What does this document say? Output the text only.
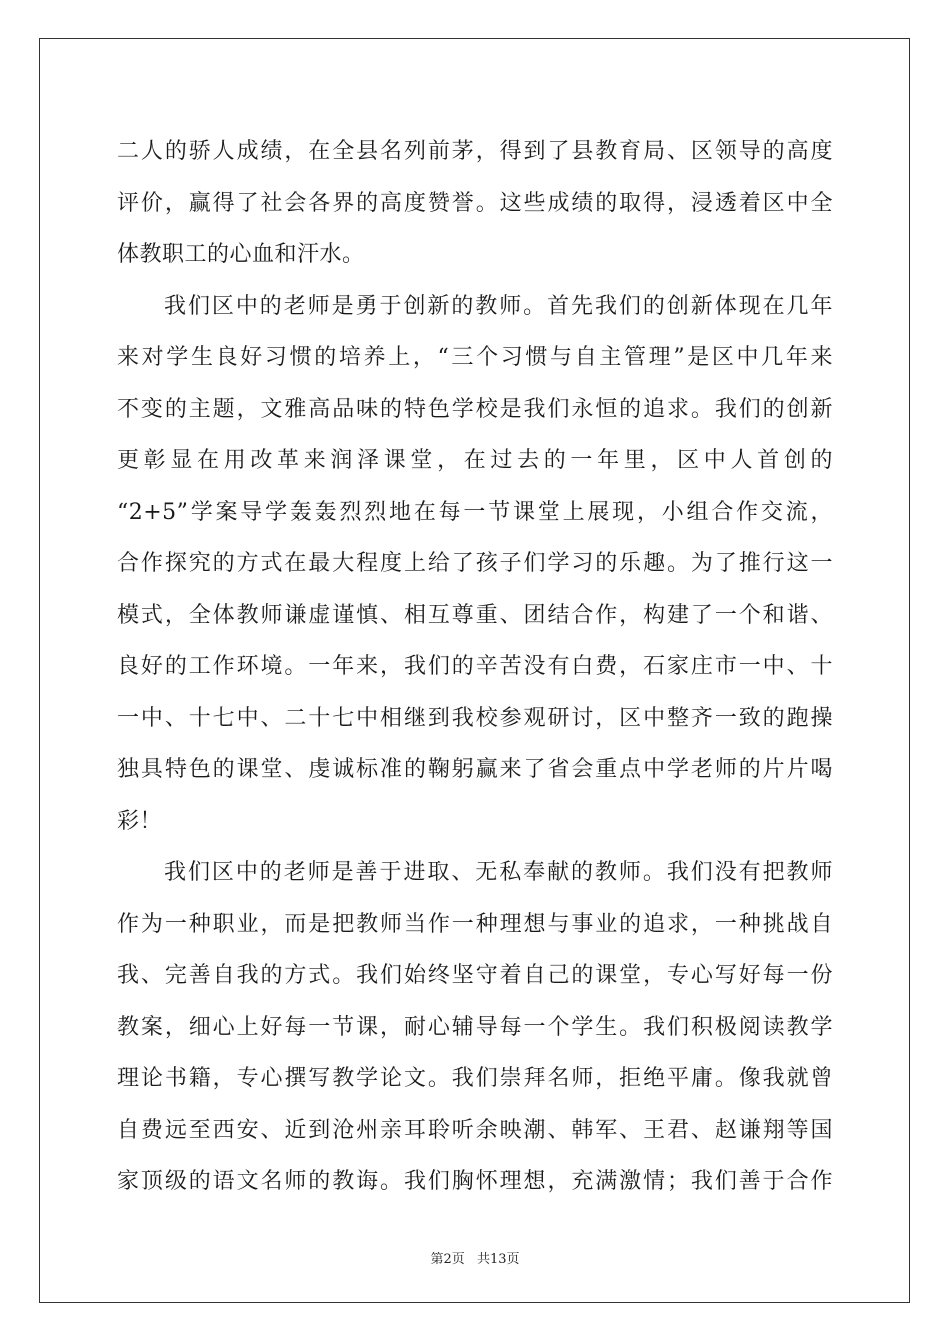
二人的骄人成绩，在全县名列前茅，得到了县教育局、区领导的高度
评价，赢得了社会各界的高度赞誉。这些成绩的取得，浸透着区中全
体教职工的心血和汗水。
我们区中的老师是勇于创新的教师。首先我们的创新体现在几年
来对学生良好习惯的培养上，“三个习惯与自主管理”是区中几年来
不变的主题，文雅高品味的特色学校是我们永恒的追求。我们的创新
更彰显在用改革来润泽课堂，在过去的一年里，区中人首创的
“2+5”学案导学轰轰烈烈地在每一节课堂上展现，小组合作交流，
合作探究的方式在最大程度上给了孩子们学习的乐趣。为了推行这一
模式，全体教师谦虚谨慎、相互尊重、团结合作，构建了一个和谐、
良好的工作环境。一年来，我们的辛苦没有白费，石家庄市一中、十
一中、十七中、二十七中相继到我校参观研讨，区中整齐一致的跑操
独具特色的课堂、虔诚标准的鞠躬赢来了省会重点中学老师的片片喝
彩！
我们区中的老师是善于进取、无私奉献的教师。我们没有把教师
作为一种职业，而是把教师当作一种理想与事业的追求，一种挑战自
我、完善自我的方式。我们始终坚守着自己的课堂，专心写好每一份
教案，细心上好每一节课，耐心辅导每一个学生。我们积极阅读教学
理论书籍，专心撰写教学论文。我们崇拜名师，拒绝平庸。像我就曾
自费远至西安、近到沧州亲耳聆听余映潮、韩军、王君、赵谦翔等国
家顶级的语文名师的教诲。我们胸怀理想，充满激情；我们善于合作
第2页 共13页
